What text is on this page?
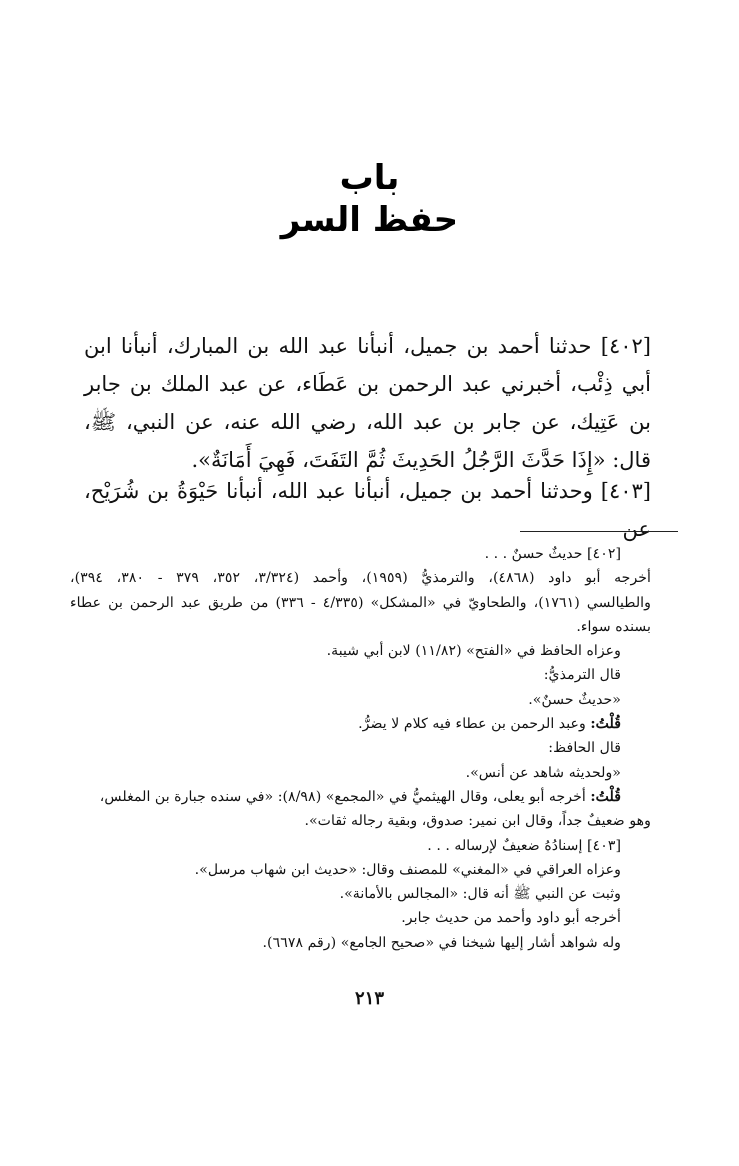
باب
حفظ السر
[٤٠٢] حدثنا أحمد بن جميل، أنبأنا عبد الله بن المبارك، أنبأنا ابن أبي ذِئْب، أخبرني عبد الرحمن بن عَطَاء، عن عبد الملك بن جابر بن عَتِيك، عن جابر بن عبد الله، رضي الله عنه، عن النبي، ﷺ، قال: «إِذَا حَدَّثَ الرَّجُلُ الحَدِيثَ ثُمَّ التَفَتَ، فَهِيَ أَمَانَةٌ».
[٤٠٣] وحدثنا أحمد بن جميل، أنبأنا عبد الله، أنبأنا حَيْوَةُ بن شُرَيْح، عن
[٤٠٢] حديثٌ حسنٌ . . .
أخرجه أبو داود (٤٨٦٨)، والترمذيُّ (١٩٥٩)، وأحمد (٣/٣٢٤، ٣٥٢، ٣٧٩ - ٣٨٠، ٣٩٤)،
والطيالسي (١٧٦١)، والطحاويّ في «المشكل» (٤/٣٣٥ - ٣٣٦) من طريق عبد الرحمن بن عطاء
بسنده سواء.
وعزاه الحافظ في «الفتح» (١١/٨٢) لابن أبي شيبة.
قال الترمذيُّ:
«حديثٌ حسنٌ».
قُلْتُ: وعبد الرحمن بن عطاء فيه كلام لا يضرُّ.
قال الحافظ:
«ولحديثه شاهد عن أنس».
قُلْتُ: أخرجه أبو يعلى، وقال الهيثميُّ في «المجمع» (٨/٩٨): «في سنده جبارة بن المغلس،
وهو ضعيفٌ جداً، وقال ابن نمير: صدوق، وبقية رجاله ثقات».
[٤٠٣] إسنادُهُ ضعيفٌ لإرساله . . .
وعزاه العراقي في «المغني» للمصنف وقال: «حديث ابن شهاب مرسل».
وثبت عن النبي ﷺ أنه قال: «المجالس بالأمانة».
أخرجه أبو داود وأحمد من حديث جابر.
وله شواهد أشار إليها شيخنا في «صحيح الجامع» (رقم ٦٦٧٨).
٢١٣
